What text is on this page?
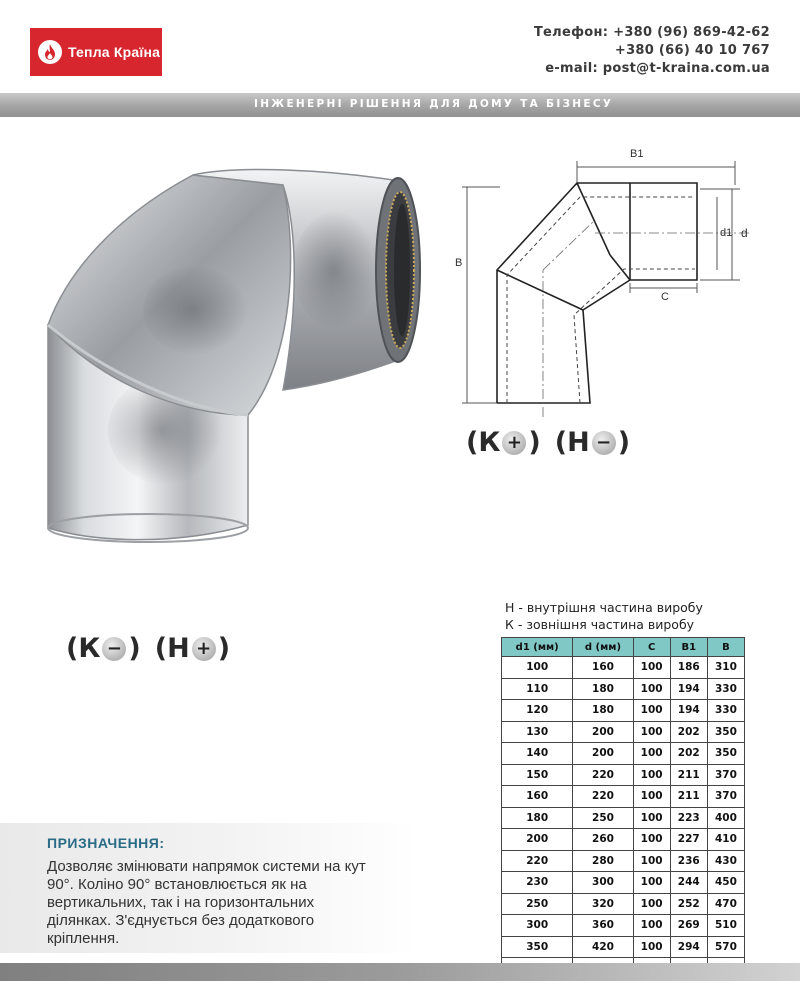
Тепла Країна
Телефон: +380 (96) 869-42-62
+380 (66) 40 10 767
e-mail: post@t-kraina.com.ua
ІНЖЕНЕРНІ РІШЕННЯ ДЛЯ ДОМУ ТА БІЗНЕСУ
B1
B
d1 d
C
( К + ) ( Н − )
( К − ) ( Н + )
Н - внутрішня частина виробу
К - зовнішня частина виробу
d1 (мм)	d (мм)	C	B1	B
100	160	100	186	310
110	180	100	194	330
120	180	100	194	330
130	200	100	202	350
140	200	100	202	350
150	220	100	211	370
160	220	100	211	370
180	250	100	223	400
200	260	100	227	410
220	280	100	236	430
230	300	100	244	450
250	320	100	252	470
300	360	100	269	510
350	420	100	294	570

ПРИЗНАЧЕННЯ:
Дозволяє змінювати напрямок системи на кут 90°. Коліно 90° встановлюється як на вертикальних, так і на горизонтальних ділянках. З'єднується без додаткового кріплення.
